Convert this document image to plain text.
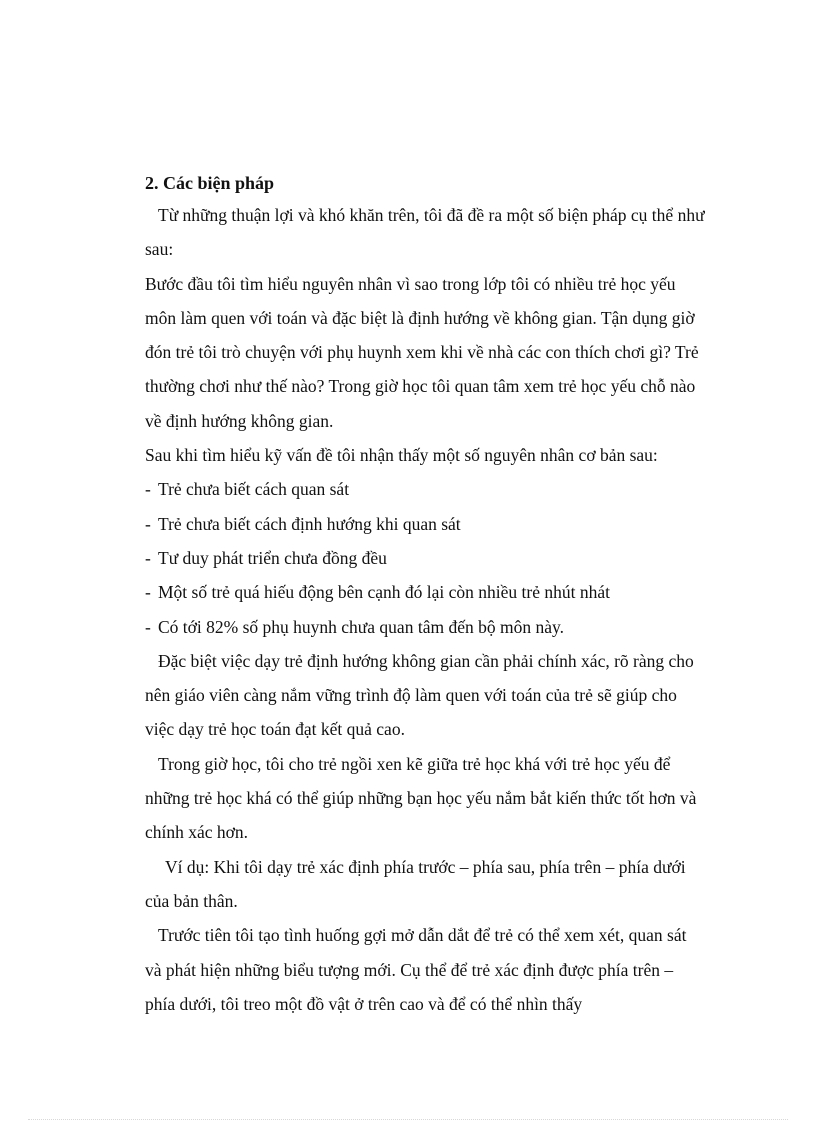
2. Các biện pháp

Từ những thuận lợi và khó khăn trên, tôi đã đề ra một số biện pháp cụ thể như sau:

Bước đầu tôi tìm hiểu nguyên nhân vì sao trong lớp tôi có nhiều trẻ học yếu môn làm quen với toán và đặc biệt là định hướng về không gian. Tận dụng giờ đón trẻ tôi trò chuyện với phụ huynh xem khi về nhà các con thích chơi gì? Trẻ thường chơi như thế nào? Trong giờ học tôi quan tâm xem trẻ học yếu chỗ nào về định hướng không gian.

Sau khi tìm hiểu kỹ vấn đề tôi nhận thấy một số nguyên nhân cơ bản sau:

- Trẻ chưa biết cách quan sát
- Trẻ chưa biết cách định hướng khi quan sát
- Tư duy phát triển chưa đồng đều
- Một số trẻ quá hiếu động bên cạnh đó lại còn nhiều trẻ nhút nhát
- Có tới 82% số phụ huynh chưa quan tâm đến bộ môn này.

Đặc biệt việc dạy trẻ định hướng không gian cần phải chính xác, rõ ràng cho nên giáo viên càng nắm vững trình độ làm quen với toán của trẻ sẽ giúp cho việc dạy trẻ học toán đạt kết quả cao.

Trong giờ học, tôi cho trẻ ngồi xen kẽ giữa trẻ học khá với trẻ học yếu để những trẻ học khá có thể giúp những bạn học yếu nắm bắt kiến thức tốt hơn và chính xác hơn.

Ví dụ: Khi tôi dạy trẻ xác định phía trước – phía sau, phía trên – phía dưới của bản thân.

Trước tiên tôi tạo tình huống gợi mở dẫn dắt để trẻ có thể xem xét, quan sát và phát hiện những biểu tượng mới. Cụ thể để trẻ xác định được phía trên – phía dưới, tôi treo một đồ vật ở trên cao và để có thể nhìn thấy
